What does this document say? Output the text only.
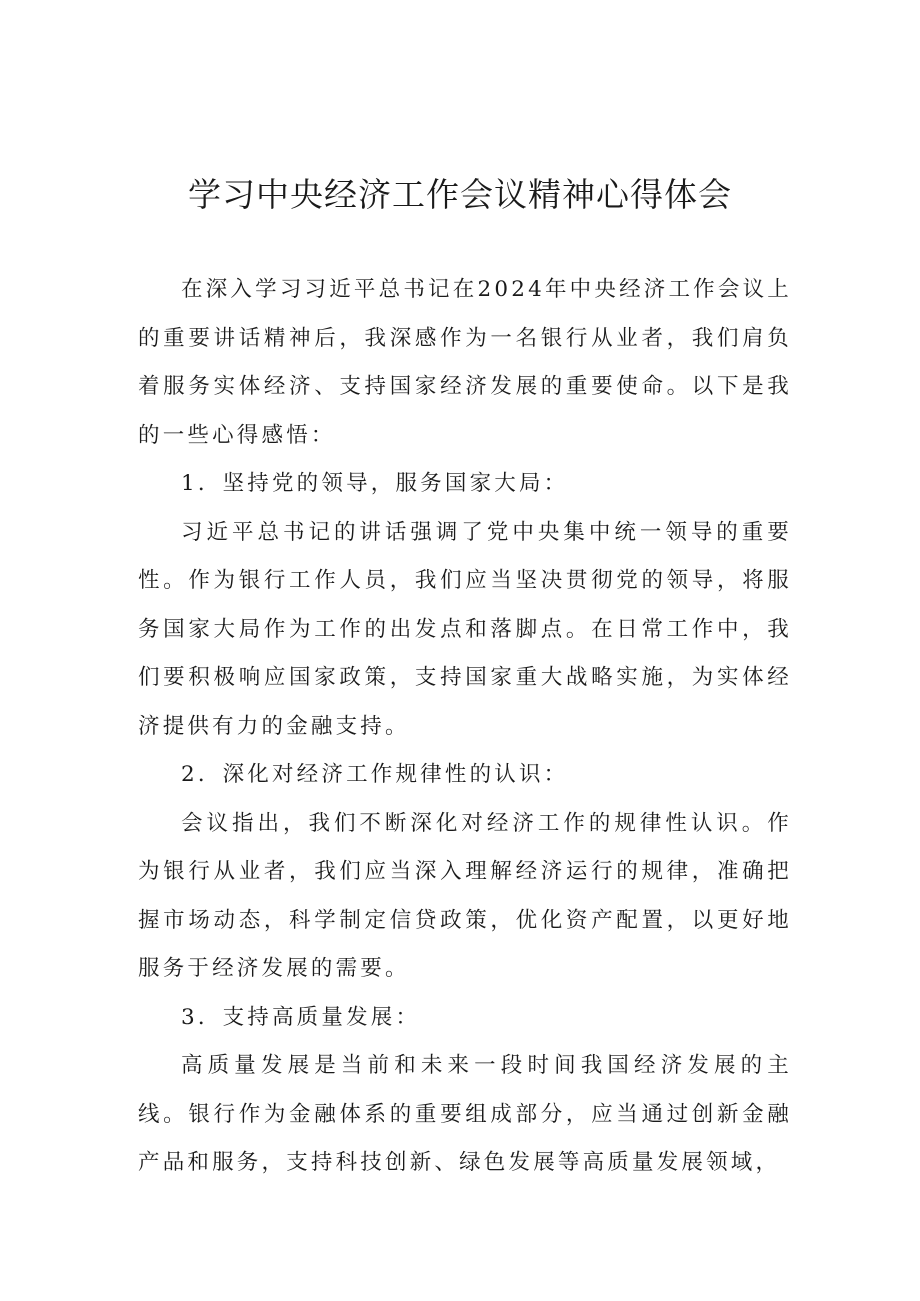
学习中央经济工作会议精神心得体会

在深入学习习近平总书记在2024年中央经济工作会议上的重要讲话精神后，我深感作为一名银行从业者，我们肩负着服务实体经济、支持国家经济发展的重要使命。以下是我的一些心得感悟：

1．坚持党的领导，服务国家大局：

习近平总书记的讲话强调了党中央集中统一领导的重要性。作为银行工作人员，我们应当坚决贯彻党的领导，将服务国家大局作为工作的出发点和落脚点。在日常工作中，我们要积极响应国家政策，支持国家重大战略实施，为实体经济提供有力的金融支持。

2．深化对经济工作规律性的认识：

会议指出，我们不断深化对经济工作的规律性认识。作为银行从业者，我们应当深入理解经济运行的规律，准确把握市场动态，科学制定信贷政策，优化资产配置，以更好地服务于经济发展的需要。

3．支持高质量发展：

高质量发展是当前和未来一段时间我国经济发展的主线。银行作为金融体系的重要组成部分，应当通过创新金融产品和服务，支持科技创新、绿色发展等高质量发展领域，
